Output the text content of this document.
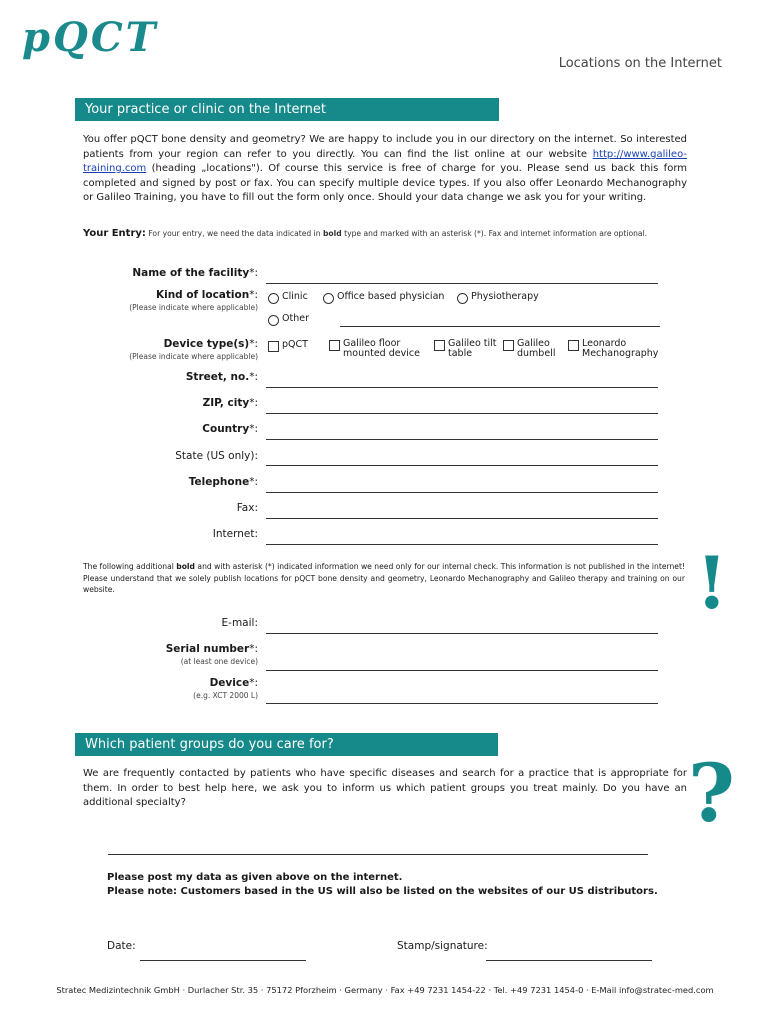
pQCT
Locations on the Internet
Your practice or clinic on the Internet
You offer pQCT bone density and geometry? We are happy to include you in our directory on the internet. So interested patients from your region can refer to you directly. You can find the list online at our website http://www.galileo-training.com (heading „locations"). Of course this service is free of charge for you. Please send us back this form completed and signed by post or fax. You can specify multiple device types. If you also offer Leonardo Mechanography or Galileo Training, you have to fill out the form only once. Should your data change we ask you for your writing.
Your Entry: For your entry, we need the data indicated in bold type and marked with an asterisk (*). Fax and internet information are optional.
Name of the facility*:
Kind of location*:
(Please indicate where applicable)
Clinic	Office based physician	Physiotherapy
Other
Device type(s)*:
(Please indicate where applicable)
pQCT	Galileo floor mounted device
Galileo tilt table
Galileo dumbell
Leonardo Mechanography
Street, no.*:
ZIP, city*:
Country*:
State (US only):
Telephone*:
Fax:
Internet:
The following additional bold and with asterisk (*) indicated information we need only for our internal check. This information is not published in the internet! Please understand that we solely publish locations for pQCT bone density and geometry, Leonardo Mechanography and Galileo therapy and training on our website.	!
E-mail:
Serial number*:
(at least one device)
Device*:
(e.g. XCT 2000 L)
Which patient groups do you care for?
We are frequently contacted by patients who have specific diseases and search for a practice that is appropriate for them. In order to best help here, we ask you to inform us which patient groups you treat mainly. Do you have an additional specialty?	?
Please post my data as given above on the internet.
Please note: Customers based in the US will also be listed on the websites of our US distributors.
Date:	Stamp/signature:
Stratec Medizintechnik GmbH · Durlacher Str. 35 · 75172 Pforzheim · Germany · Fax +49 7231 1454-22 · Tel. +49 7231 1454-0 · E-Mail info@stratec-med.com
